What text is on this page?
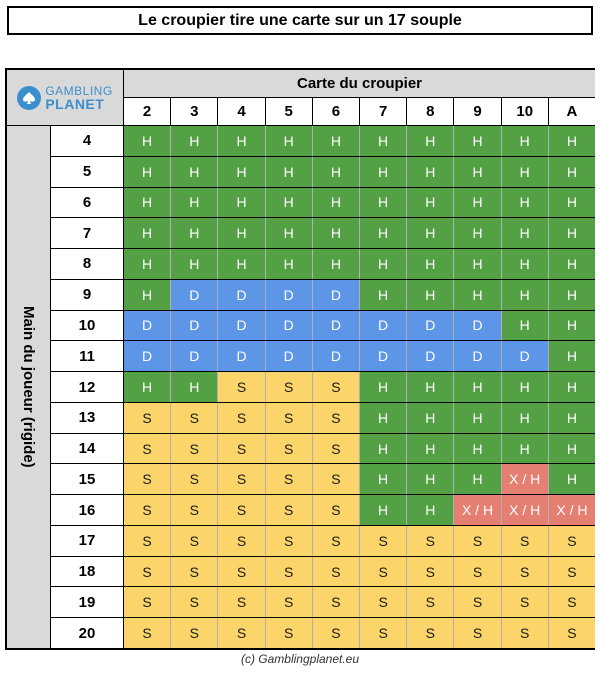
Le croupier tire une carte sur un 17 souple
GAMBLING
PLANET
Carte du croupier
2	3	4	5	6	7	8	9	10	A
Main du joueur (rigide)
4	H	H	H	H	H	H	H	H	H	H
5	H	H	H	H	H	H	H	H	H	H
6	H	H	H	H	H	H	H	H	H	H
7	H	H	H	H	H	H	H	H	H	H
8	H	H	H	H	H	H	H	H	H	H
9	H	D	D	D	D	H	H	H	H	H
10	D	D	D	D	D	D	D	D	H	H
11	D	D	D	D	D	D	D	D	D	H
12	H	H	S	S	S	H	H	H	H	H
13	S	S	S	S	S	H	H	H	H	H
14	S	S	S	S	S	H	H	H	H	H
15	S	S	S	S	S	H	H	H	X / H	H
16	S	S	S	S	S	H	H	X / H	X / H	X / H
17	S	S	S	S	S	S	S	S	S	S
18	S	S	S	S	S	S	S	S	S	S
19	S	S	S	S	S	S	S	S	S	S
20	S	S	S	S	S	S	S	S	S	S
(c) Gamblingplanet.eu
